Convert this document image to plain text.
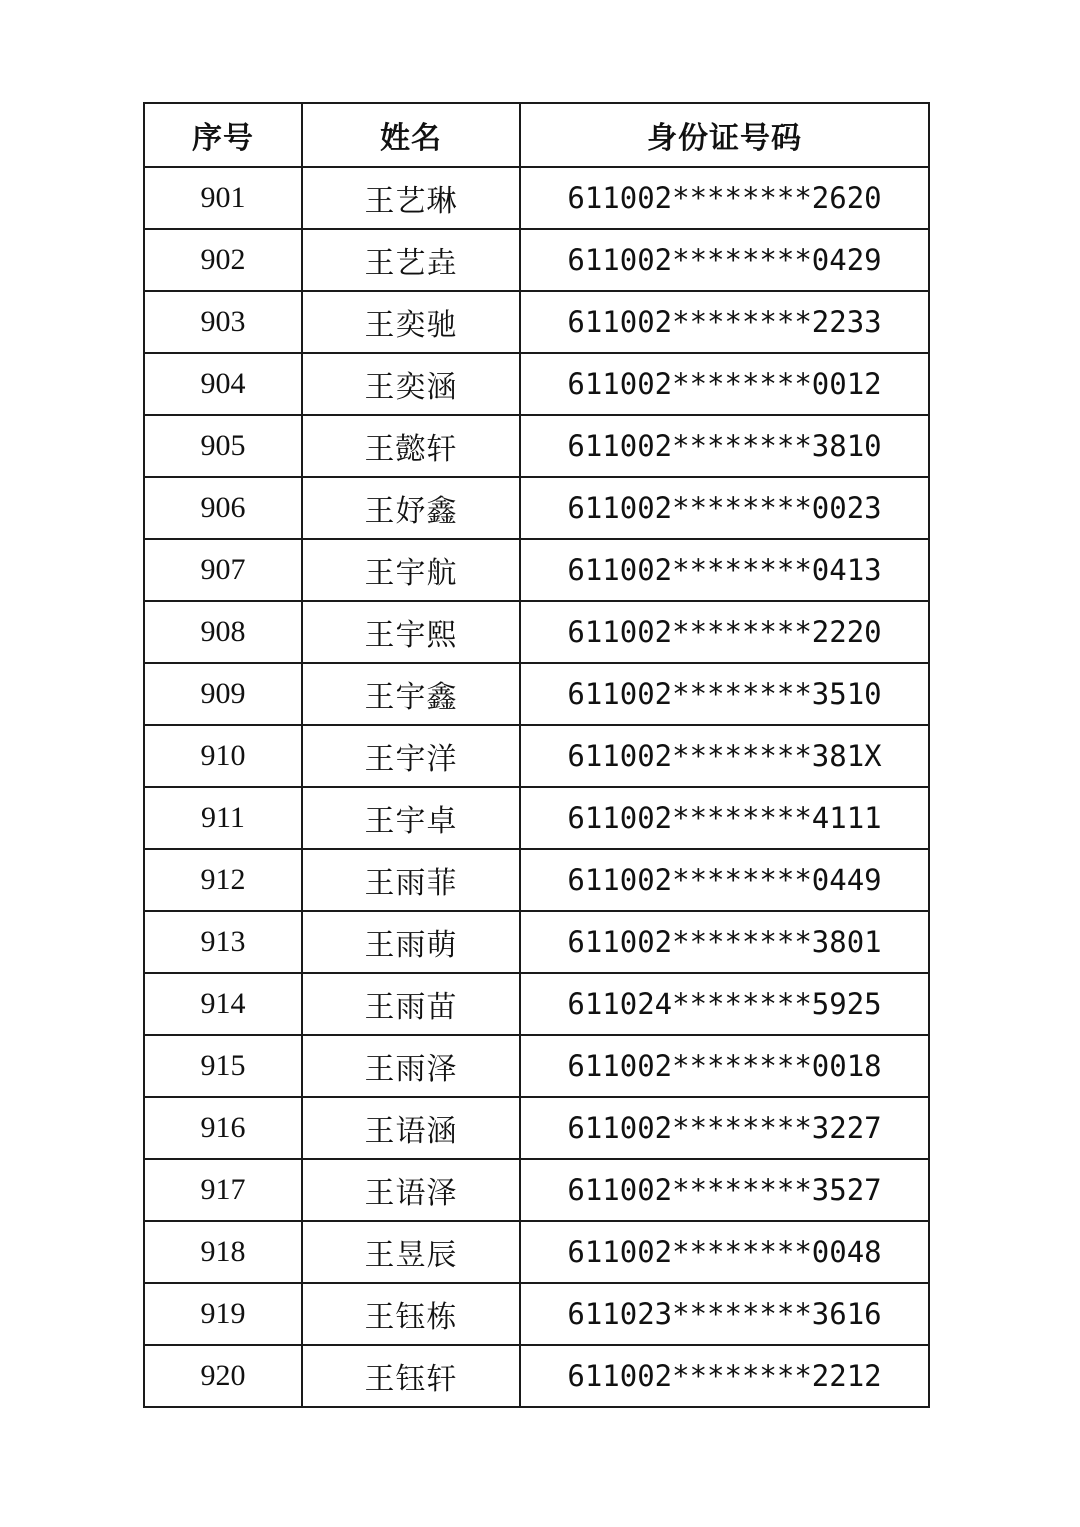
序号	姓名	身份证号码
901	王艺琳	611002********2620
902	王艺垚	611002********0429
903	王奕驰	611002********2233
904	王奕涵	611002********0012
905	王懿轩	611002********3810
906	王妤鑫	611002********0023
907	王宇航	611002********0413
908	王宇熙	611002********2220
909	王宇鑫	611002********3510
910	王宇洋	611002********381X
911	王宇卓	611002********4111
912	王雨菲	611002********0449
913	王雨萌	611002********3801
914	王雨苗	611024********5925
915	王雨泽	611002********0018
916	王语涵	611002********3227
917	王语泽	611002********3527
918	王昱辰	611002********0048
919	王钰栋	611023********3616
920	王钰轩	611002********2212
